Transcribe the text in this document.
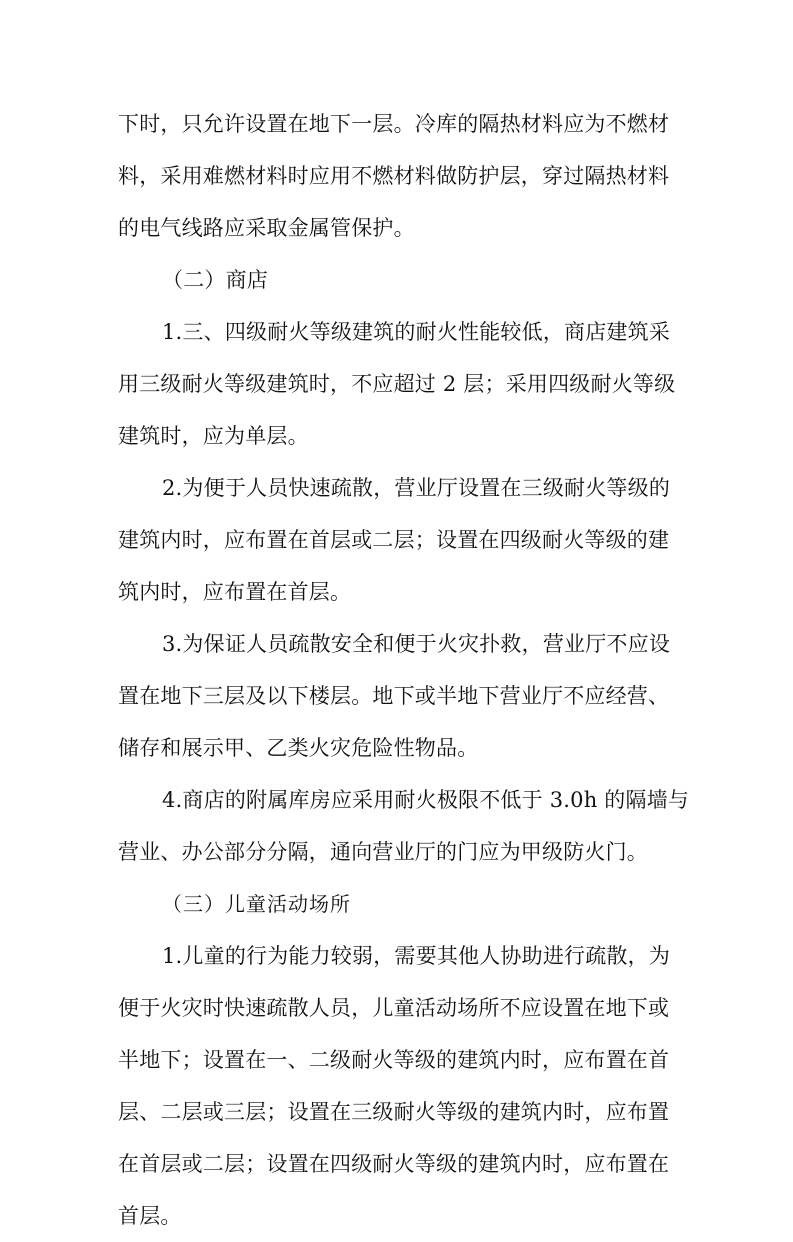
下时，只允许设置在地下一层。冷库的隔热材料应为不燃材
料，采用难燃材料时应用不燃材料做防护层，穿过隔热材料
的电气线路应采取金属管保护。
（二）商店
1.三、四级耐火等级建筑的耐火性能较低，商店建筑采
用三级耐火等级建筑时，不应超过 2 层；采用四级耐火等级
建筑时，应为单层。
2.为便于人员快速疏散，营业厅设置在三级耐火等级的
建筑内时，应布置在首层或二层；设置在四级耐火等级的建
筑内时，应布置在首层。
3.为保证人员疏散安全和便于火灾扑救，营业厅不应设
置在地下三层及以下楼层。地下或半地下营业厅不应经营、
储存和展示甲、乙类火灾危险性物品。
4.商店的附属库房应采用耐火极限不低于 3.0h 的隔墙与
营业、办公部分分隔，通向营业厅的门应为甲级防火门。
（三）儿童活动场所
1.儿童的行为能力较弱，需要其他人协助进行疏散，为
便于火灾时快速疏散人员，儿童活动场所不应设置在地下或
半地下；设置在一、二级耐火等级的建筑内时，应布置在首
层、二层或三层；设置在三级耐火等级的建筑内时，应布置
在首层或二层；设置在四级耐火等级的建筑内时，应布置在
首层。
